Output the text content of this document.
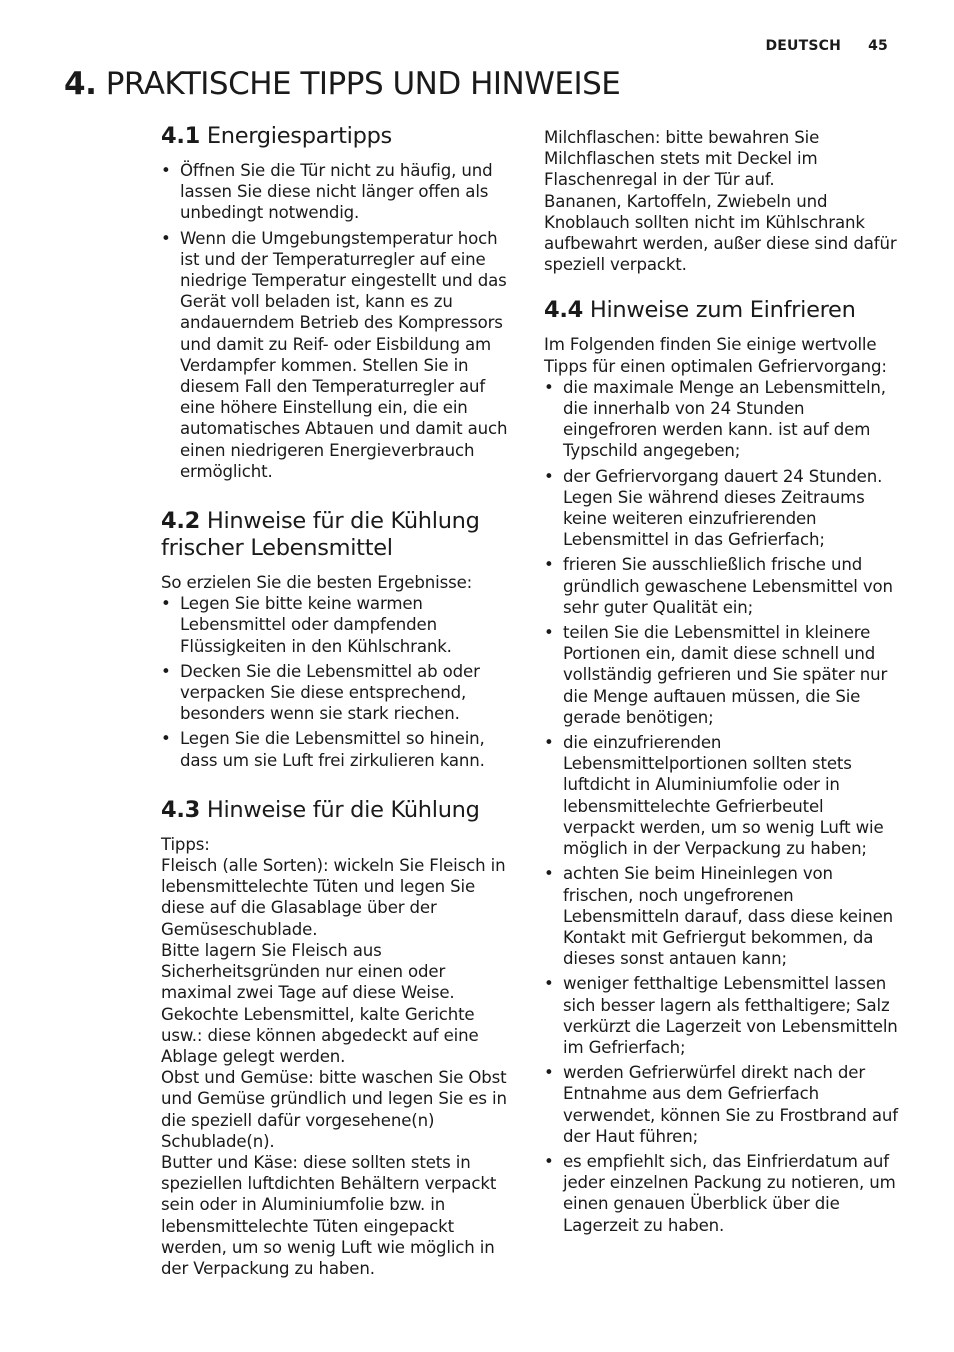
DEUTSCH 45
4. PRAKTISCHE TIPPS UND HINWEISE
4.1 Energiespartipps
• Öffnen Sie die Tür nicht zu häufig, und lassen Sie diese nicht länger offen als unbedingt notwendig.
• Wenn die Umgebungstemperatur hoch ist und der Temperaturregler auf eine niedrige Temperatur eingestellt und das Gerät voll beladen ist, kann es zu andauerndem Betrieb des Kompressors und damit zu Reif- oder Eisbildung am Verdampfer kommen. Stellen Sie in diesem Fall den Temperaturregler auf eine höhere Einstellung ein, die ein automatisches Abtauen und damit auch einen niedrigeren Energieverbrauch ermöglicht.
4.2 Hinweise für die Kühlung frischer Lebensmittel

So erzielen Sie die besten Ergebnisse:

• Legen Sie bitte keine warmen Lebensmittel oder dampfenden Flüssigkeiten in den Kühlschrank.
• Decken Sie die Lebensmittel ab oder verpacken Sie diese entsprechend, besonders wenn sie stark riechen.
• Legen Sie die Lebensmittel so hinein, dass um sie Luft frei zirkulieren kann.
4.3 Hinweise für die Kühlung

Tipps:
Fleisch (alle Sorten): wickeln Sie Fleisch in lebensmittelechte Tüten und legen Sie diese auf die Glasablage über der Gemüseschublade.
Bitte lagern Sie Fleisch aus Sicherheitsgründen nur einen oder maximal zwei Tage auf diese Weise.
Gekochte Lebensmittel, kalte Gerichte usw.: diese können abgedeckt auf eine Ablage gelegt werden.
Obst und Gemüse: bitte waschen Sie Obst und Gemüse gründlich und legen Sie es in die speziell dafür vorgesehene(n) Schublade(n).
Butter und Käse: diese sollten stets in speziellen luftdichten Behältern verpackt sein oder in Aluminiumfolie bzw. in lebensmittelechte Tüten eingepackt werden, um so wenig Luft wie möglich in der Verpackung zu haben.

Milchflaschen: bitte bewahren Sie Milchflaschen stets mit Deckel im Flaschenregal in der Tür auf.
Bananen, Kartoffeln, Zwiebeln und Knoblauch sollten nicht im Kühlschrank aufbewahrt werden, außer diese sind dafür speziell verpackt.

4.4 Hinweise zum Einfrieren

Im Folgenden finden Sie einige wertvolle Tipps für einen optimalen Gefriervorgang:

• die maximale Menge an Lebensmitteln, die innerhalb von 24 Stunden eingefroren werden kann. ist auf dem Typschild angegeben;
• der Gefriervorgang dauert 24 Stunden. Legen Sie während dieses Zeitraums keine weiteren einzufrierenden Lebensmittel in das Gefrierfach;
• frieren Sie ausschließlich frische und gründlich gewaschene Lebensmittel von sehr guter Qualität ein;
• teilen Sie die Lebensmittel in kleinere Portionen ein, damit diese schnell und vollständig gefrieren und Sie später nur die Menge auftauen müssen, die Sie gerade benötigen;
• die einzufrierenden Lebensmittelportionen sollten stets luftdicht in Aluminiumfolie oder in lebensmittelechte Gefrierbeutel verpackt werden, um so wenig Luft wie möglich in der Verpackung zu haben;
• achten Sie beim Hineinlegen von frischen, noch ungefrorenen Lebensmitteln darauf, dass diese keinen Kontakt mit Gefriergut bekommen, da dieses sonst antauen kann;
• weniger fetthaltige Lebensmittel lassen sich besser lagern als fetthaltigere; Salz verkürzt die Lagerzeit von Lebensmitteln im Gefrierfach;
• werden Gefrierwürfel direkt nach der Entnahme aus dem Gefrierfach verwendet, können Sie zu Frostbrand auf der Haut führen;
• es empfiehlt sich, das Einfrierdatum auf jeder einzelnen Packung zu notieren, um einen genauen Überblick über die Lagerzeit zu haben.
